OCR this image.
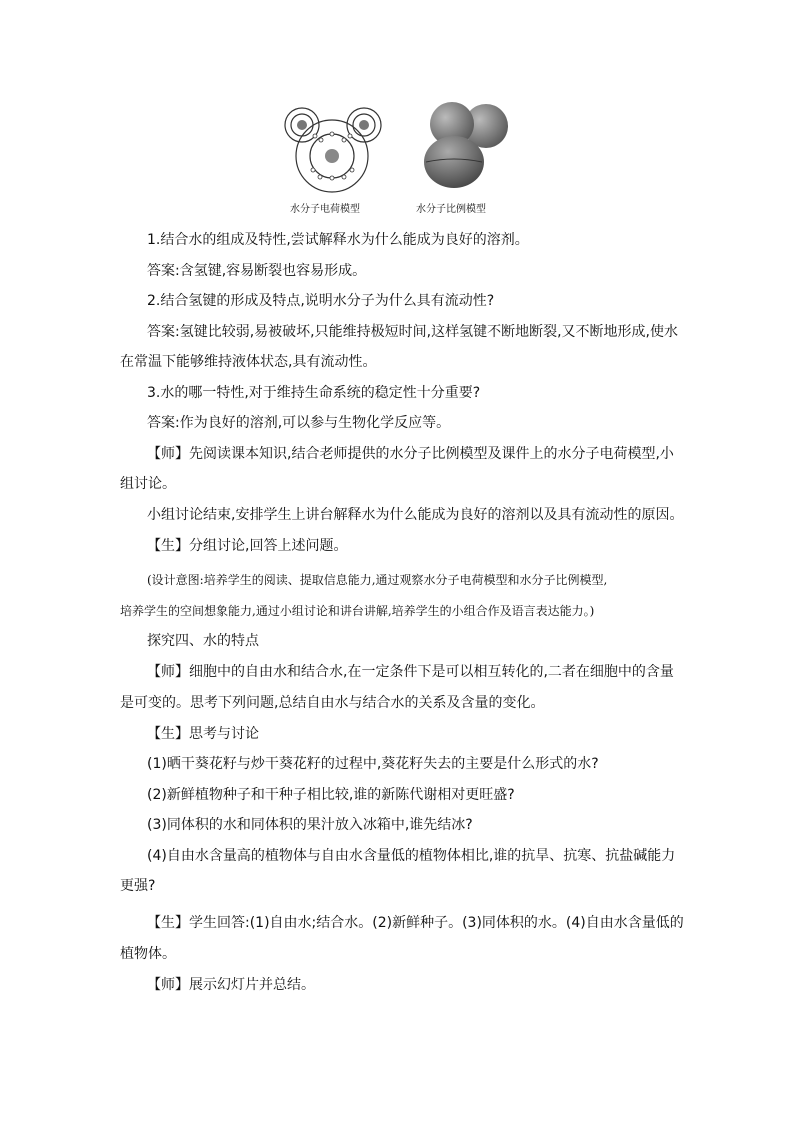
水分子电荷模型	水分子比例模型
1.结合水的组成及特性,尝试解释水为什么能成为良好的溶剂。
答案:含氢键,容易断裂也容易形成。
2.结合氢键的形成及特点,说明水分子为什么具有流动性?
答案:氢键比较弱,易被破坏,只能维持极短时间,这样氢键不断地断裂,又不断地形成,使水
在常温下能够维持液体状态,具有流动性。
3.水的哪一特性,对于维持生命系统的稳定性十分重要?
答案:作为良好的溶剂,可以参与生物化学反应等。
【师】先阅读课本知识,结合老师提供的水分子比例模型及课件上的水分子电荷模型,小
组讨论。
小组讨论结束,安排学生上讲台解释水为什么能成为良好的溶剂以及具有流动性的原因。
【生】分组讨论,回答上述问题。
(设计意图:培养学生的阅读、提取信息能力,通过观察水分子电荷模型和水分子比例模型,
培养学生的空间想象能力,通过小组讨论和讲台讲解,培养学生的小组合作及语言表达能力。)
探究四、水的特点
【师】细胞中的自由水和结合水,在一定条件下是可以相互转化的,二者在细胞中的含量
是可变的。思考下列问题,总结自由水与结合水的关系及含量的变化。
【生】思考与讨论
(1)晒干葵花籽与炒干葵花籽的过程中,葵花籽失去的主要是什么形式的水?
(2)新鲜植物种子和干种子相比较,谁的新陈代谢相对更旺盛?
(3)同体积的水和同体积的果汁放入冰箱中,谁先结冰?
(4)自由水含量高的植物体与自由水含量低的植物体相比,谁的抗旱、抗寒、抗盐碱能力
更强?
【生】学生回答:(1)自由水;结合水。(2)新鲜种子。(3)同体积的水。(4)自由水含量低的
植物体。
【师】展示幻灯片并总结。
